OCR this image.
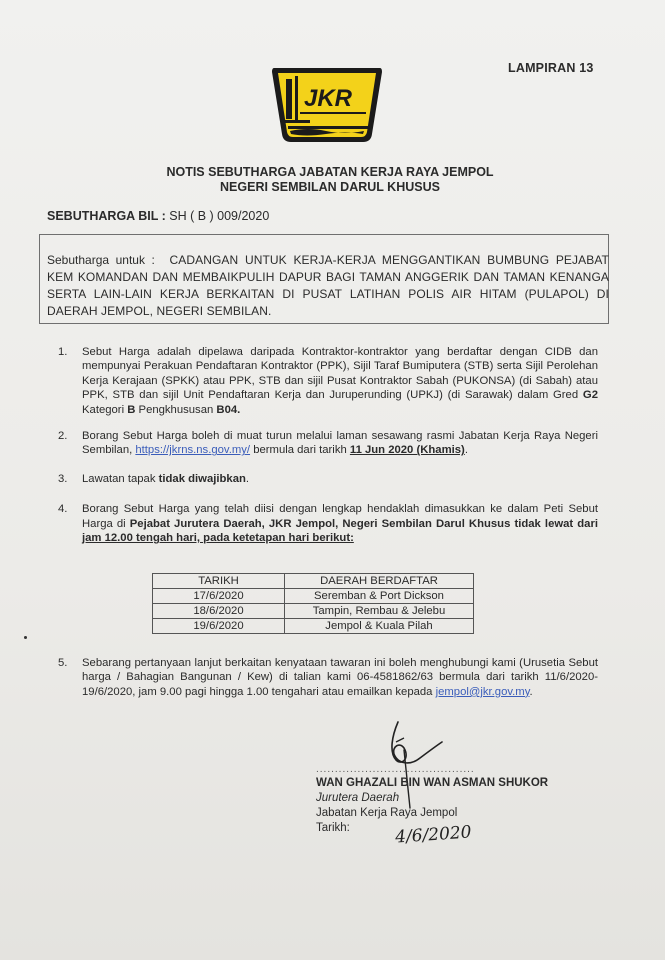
LAMPIRAN 13
JKR
NOTIS SEBUTHARGA JABATAN KERJA RAYA JEMPOL
NEGERI SEMBILAN DARUL KHUSUS
SEBUTHARGA BIL : SH ( B ) 009/2020
Sebutharga untuk : CADANGAN UNTUK KERJA-KERJA MENGGANTIKAN BUMBUNG PEJABAT KEM KOMANDAN DAN MEMBAIKPULIH DAPUR BAGI TAMAN ANGGERIK DAN TAMAN KENANGA SERTA LAIN-LAIN KERJA BERKAITAN DI PUSAT LATIHAN POLIS AIR HITAM (PULAPOL) DI DAERAH JEMPOL, NEGERI SEMBILAN.
1. Sebut Harga adalah dipelawa daripada Kontraktor-kontraktor yang berdaftar dengan CIDB dan mempunyai Perakuan Pendaftaran Kontraktor (PPK), Sijil Taraf Bumiputera (STB) serta Sijil Perolehan Kerja Kerajaan (SPKK) atau PPK, STB dan sijil Pusat Kontraktor Sabah (PUKONSA) (di Sabah) atau PPK, STB dan sijil Unit Pendaftaran Kerja dan Juruperunding (UPKJ) (di Sarawak) dalam Gred G2 Kategori B Pengkhususan B04.
2. Borang Sebut Harga boleh di muat turun melalui laman sesawang rasmi Jabatan Kerja Raya Negeri Sembilan, https://jkrns.ns.gov.my/ bermula dari tarikh 11 Jun 2020 (Khamis).
3. Lawatan tapak tidak diwajibkan.
4. Borang Sebut Harga yang telah diisi dengan lengkap hendaklah dimasukkan ke dalam Peti Sebut Harga di Pejabat Jurutera Daerah, JKR Jempol, Negeri Sembilan Darul Khusus tidak lewat dari jam 12.00 tengah hari, pada ketetapan hari berikut:
TARIKH	DAERAH BERDAFTAR
17/6/2020	Seremban & Port Dickson
18/6/2020	Tampin, Rembau & Jelebu
19/6/2020	Jempol & Kuala Pilah
5. Sebarang pertanyaan lanjut berkaitan kenyataan tawaran ini boleh menghubungi kami (Urusetia Sebut harga / Bahagian Bangunan / Kew) di talian kami 06-4581862/63 bermula dari tarikh 11/6/2020-19/6/2020, jam 9.00 pagi hingga 1.00 tengahari atau emailkan kepada jempol@jkr.gov.my.
..........................................
WAN GHAZALI BIN WAN ASMAN SHUKOR
Jurutera Daerah
Jabatan Kerja Raya Jempol
Tarikh:	4/6/2020
